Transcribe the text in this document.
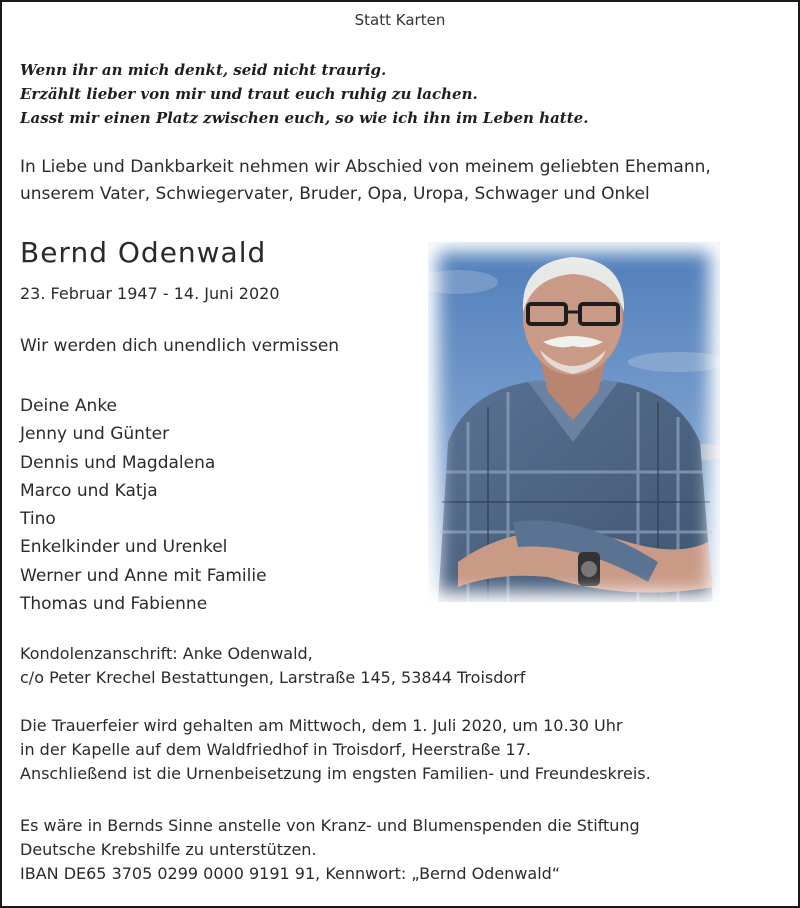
Statt Karten
Wenn ihr an mich denkt, seid nicht traurig.
Erzählt lieber von mir und traut euch ruhig zu lachen.
Lasst mir einen Platz zwischen euch, so wie ich ihn im Leben hatte.
In Liebe und Dankbarkeit nehmen wir Abschied von meinem geliebten Ehemann,
unserem Vater, Schwiegervater, Bruder, Opa, Uropa, Schwager und Onkel
Bernd Odenwald
23. Februar 1947 - 14. Juni 2020
Wir werden dich unendlich vermissen
Deine Anke
Jenny und Günter
Dennis und Magdalena
Marco und Katja
Tino
Enkelkinder und Urenkel
Werner und Anne mit Familie
Thomas und Fabienne
Kondolenzanschrift: Anke Odenwald,
c/o Peter Krechel Bestattungen, Larstraße 145, 53844 Troisdorf
Die Trauerfeier wird gehalten am Mittwoch, dem 1. Juli 2020, um 10.30 Uhr
in der Kapelle auf dem Waldfriedhof in Troisdorf, Heerstraße 17.
Anschließend ist die Urnenbeisetzung im engsten Familien- und Freundeskreis.
Es wäre in Bernds Sinne anstelle von Kranz- und Blumenspenden die Stiftung
Deutsche Krebshilfe zu unterstützen.
IBAN DE65 3705 0299 0000 9191 91, Kennwort: „Bernd Odenwald“
